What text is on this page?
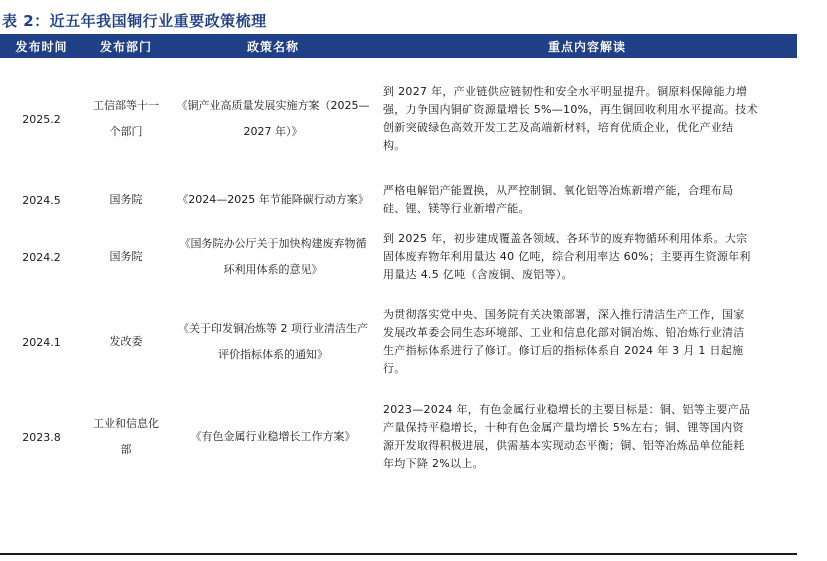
表 2：近五年我国铜行业重要政策梳理
发布时间	发布部门	政策名称	重点内容解读
2025.2	工信部等十一个部门	《铜产业高质量发展实施方案（2025—2027 年）》	到 2027 年，产业链供应链韧性和安全水平明显提升。铜原料保障能力增
强，力争国内铜矿资源量增长 5%—10%，再生铜回收利用水平提高。技术
创新突破绿色高效开发工艺及高端新材料，培育优质企业，优化产业结
构。
2024.5	国务院	《2024—2025 年节能降碳行动方案》	严格电解铝产能置换，从严控制铜、氧化铝等冶炼新增产能，合理布局
硅、锂、镁等行业新增产能。
2024.2	国务院	《国务院办公厅关于加快构建废弃物循环利用体系的意见》	到 2025 年，初步建成覆盖各领域、各环节的废弃物循环利用体系。大宗
固体废弃物年利用量达 40 亿吨，综合利用率达 60%；主要再生资源年利
用量达 4.5 亿吨（含废铜、废铝等）。
2024.1	发改委	《关于印发铜冶炼等 2 项行业清洁生产评价指标体系的通知》	为贯彻落实党中央、国务院有关决策部署，深入推行清洁生产工作，国家
发展改革委会同生态环境部、工业和信息化部对铜冶炼、铅冶炼行业清洁
生产指标体系进行了修订。修订后的指标体系自 2024 年 3 月 1 日起施
行。
2023.8	工业和信息化部	《有色金属行业稳增长工作方案》	2023—2024 年，有色金属行业稳增长的主要目标是：铜、铝等主要产品
产量保持平稳增长，十种有色金属产量均增长 5%左右；铜、锂等国内资
源开发取得积极进展，供需基本实现动态平衡；铜、铝等冶炼品单位能耗
年均下降 2%以上。
